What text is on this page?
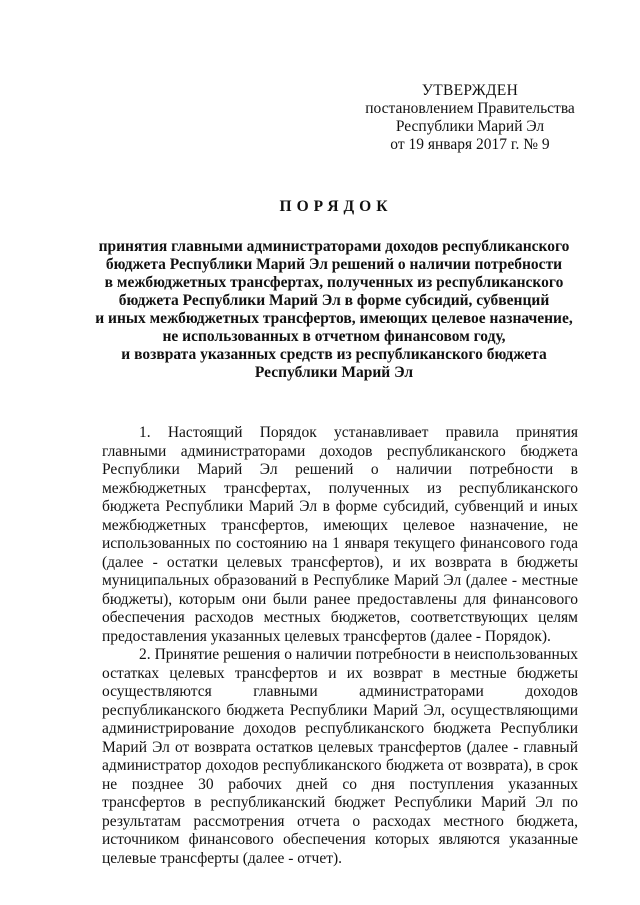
УТВЕРЖДЕН
постановлением Правительства
Республики Марий Эл
от 19 января 2017 г. № 9
ПОРЯДОК
принятия главными администраторами доходов республиканского
бюджета Республики Марий Эл решений о наличии потребности
в межбюджетных трансфертах, полученных из республиканского
бюджета Республики Марий Эл в форме субсидий, субвенций
и иных межбюджетных трансфертов, имеющих целевое назначение,
не использованных в отчетном финансовом году,
и возврата указанных средств из республиканского бюджета
Республики Марий Эл

1. Настоящий Порядок устанавливает правила принятия главными администраторами доходов республиканского бюджета Республики Марий Эл решений о наличии потребности в межбюджетных трансфертах, полученных из республиканского бюджета Республики Марий Эл в форме субсидий, субвенций и иных межбюджетных трансфертов, имеющих целевое назначение, не использованных по состоянию на 1 января текущего финансового года (далее - остатки целевых трансфертов), и их возврата в бюджеты муниципальных образований в Республике Марий Эл (далее - местные бюджеты), которым они были ранее предоставлены для финансового обеспечения расходов местных бюджетов, соответствующих целям предоставления указанных целевых трансфертов (далее - Порядок).

2. Принятие решения о наличии потребности в неиспользованных остатках целевых трансфертов и их возврат в местные бюджеты осуществляются главными администраторами доходов республиканского бюджета Республики Марий Эл, осуществляющими администрирование доходов республиканского бюджета Республики Марий Эл от возврата остатков целевых трансфертов (далее - главный администратор доходов республиканского бюджета от возврата), в срок не позднее 30 рабочих дней со дня поступления указанных трансфертов в республиканский бюджет Республики Марий Эл по результатам рассмотрения отчета о расходах местного бюджета, источником финансового обеспечения которых являются указанные целевые трансферты (далее - отчет).
